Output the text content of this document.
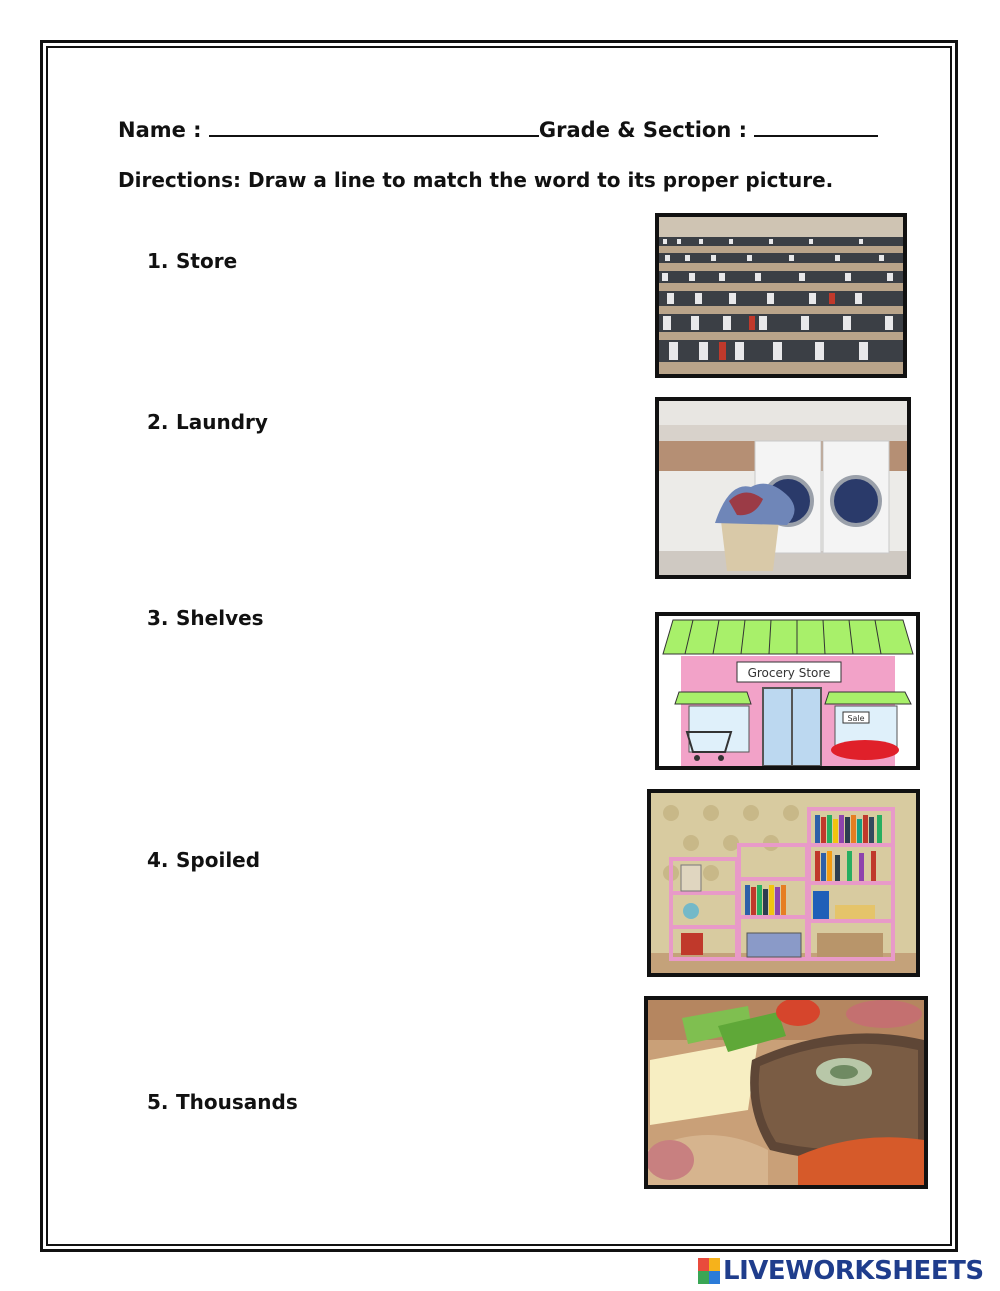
Name :	Grade & Section :
Directions: Draw a line to match the word to its proper picture.
1. Store
2. Laundry
3. Shelves
4. Spoiled
5. Thousands
Grocery Store
Sale
LIVEWORKSHEETS
